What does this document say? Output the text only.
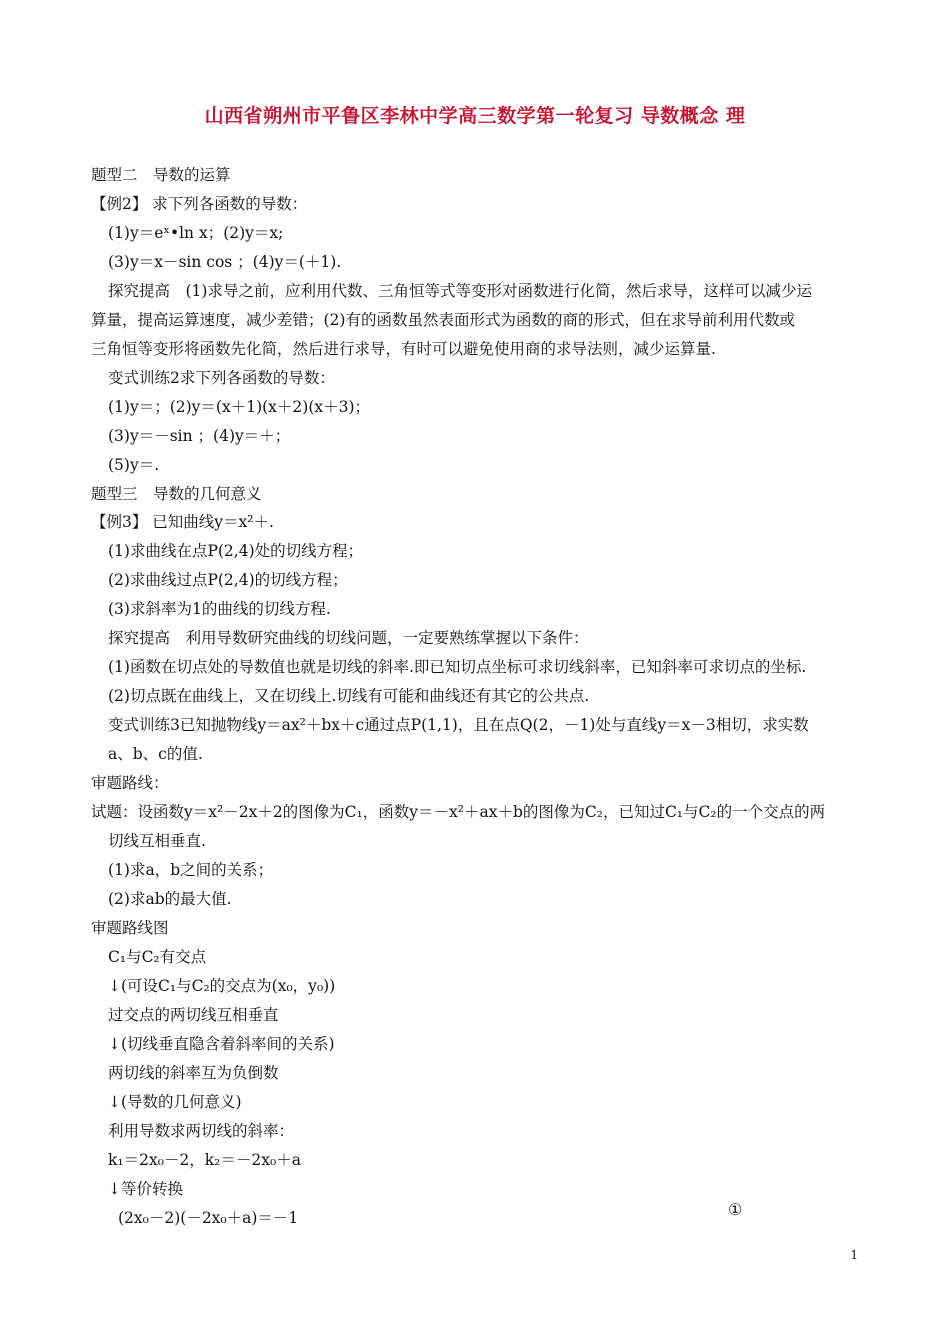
山西省朔州市平鲁区李林中学高三数学第一轮复习 导数概念 理
题型二　导数的运算
【例2】 求下列各函数的导数：
(1)y＝eˣ•ln x；(2)y＝x;
(3)y＝x－sin cos ；(4)y＝(＋1).
探究提高　(1)求导之前，应利用代数、三角恒等式等变形对函数进行化简，然后求导，这样可以减少运
算量，提高运算速度，减少差错；(2)有的函数虽然表面形式为函数的商的形式，但在求导前利用代数或
三角恒等变形将函数先化简，然后进行求导，有时可以避免使用商的求导法则，减少运算量.
变式训练2求下列各函数的导数：
(1)y＝；(2)y＝(x＋1)(x＋2)(x＋3)；
(3)y＝－sin ；(4)y＝＋；
(5)y＝.
题型三　导数的几何意义
【例3】 已知曲线y＝x²＋.
(1)求曲线在点P(2,4)处的切线方程；
(2)求曲线过点P(2,4)的切线方程；
(3)求斜率为1的曲线的切线方程.
探究提高　利用导数研究曲线的切线问题，一定要熟练掌握以下条件：
(1)函数在切点处的导数值也就是切线的斜率.即已知切点坐标可求切线斜率，已知斜率可求切点的坐标.
(2)切点既在曲线上，又在切线上.切线有可能和曲线还有其它的公共点.
变式训练3已知抛物线y＝ax²＋bx＋c通过点P(1,1)，且在点Q(2，－1)处与直线y＝x－3相切，求实数
a、b、c的值.
审题路线：
试题：设函数y＝x²－2x＋2的图像为C₁，函数y＝－x²＋ax＋b的图像为C₂，已知过C₁与C₂的一个交点的两
切线互相垂直.
(1)求a，b之间的关系；
(2)求ab的最大值.
审题路线图
C₁与C₂有交点
↓(可设C₁与C₂的交点为(x₀，y₀))
过交点的两切线互相垂直
↓(切线垂直隐含着斜率间的关系)
两切线的斜率互为负倒数
↓(导数的几何意义)
利用导数求两切线的斜率：
k₁＝2x₀－2，k₂＝－2x₀＋a
↓等价转换
(2x₀－2)(－2x₀＋a)＝－1	①
1
